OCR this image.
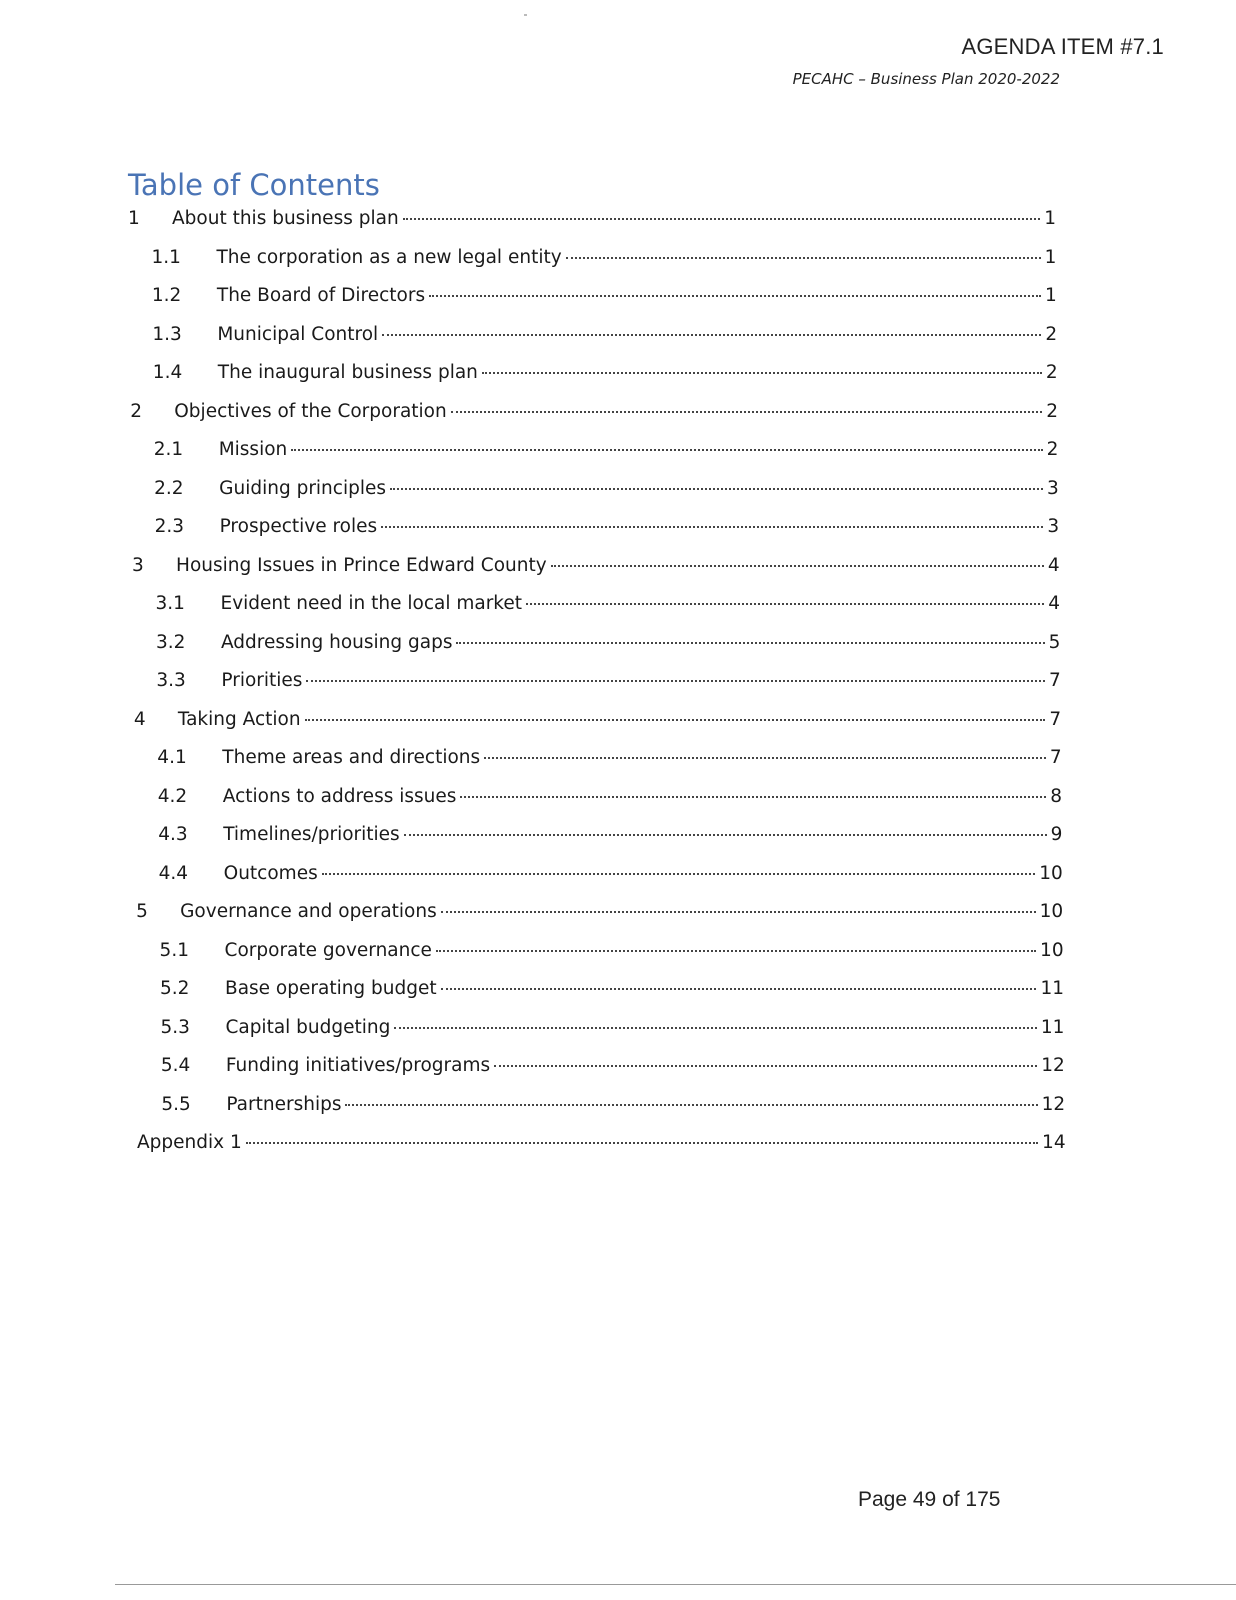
AGENDA ITEM #7.1
PECAHC – Business Plan 2020-2022
Table of Contents
1	About this business plan	1
1.1	The corporation as a new legal entity	1
1.2	The Board of Directors	1
1.3	Municipal Control	2
1.4	The inaugural business plan	2
2	Objectives of the Corporation	2
2.1	Mission	2
2.2	Guiding principles	3
2.3	Prospective roles	3
3	Housing Issues in Prince Edward County	4
3.1	Evident need in the local market	4
3.2	Addressing housing gaps	5
3.3	Priorities	7
4	Taking Action	7
4.1	Theme areas and directions	7
4.2	Actions to address issues	8
4.3	Timelines/priorities	9
4.4	Outcomes	10
5	Governance and operations	10
5.1	Corporate governance	10
5.2	Base operating budget	11
5.3	Capital budgeting	11
5.4	Funding initiatives/programs	12
5.5	Partnerships	12
Appendix 1	14
Page 49 of 175
